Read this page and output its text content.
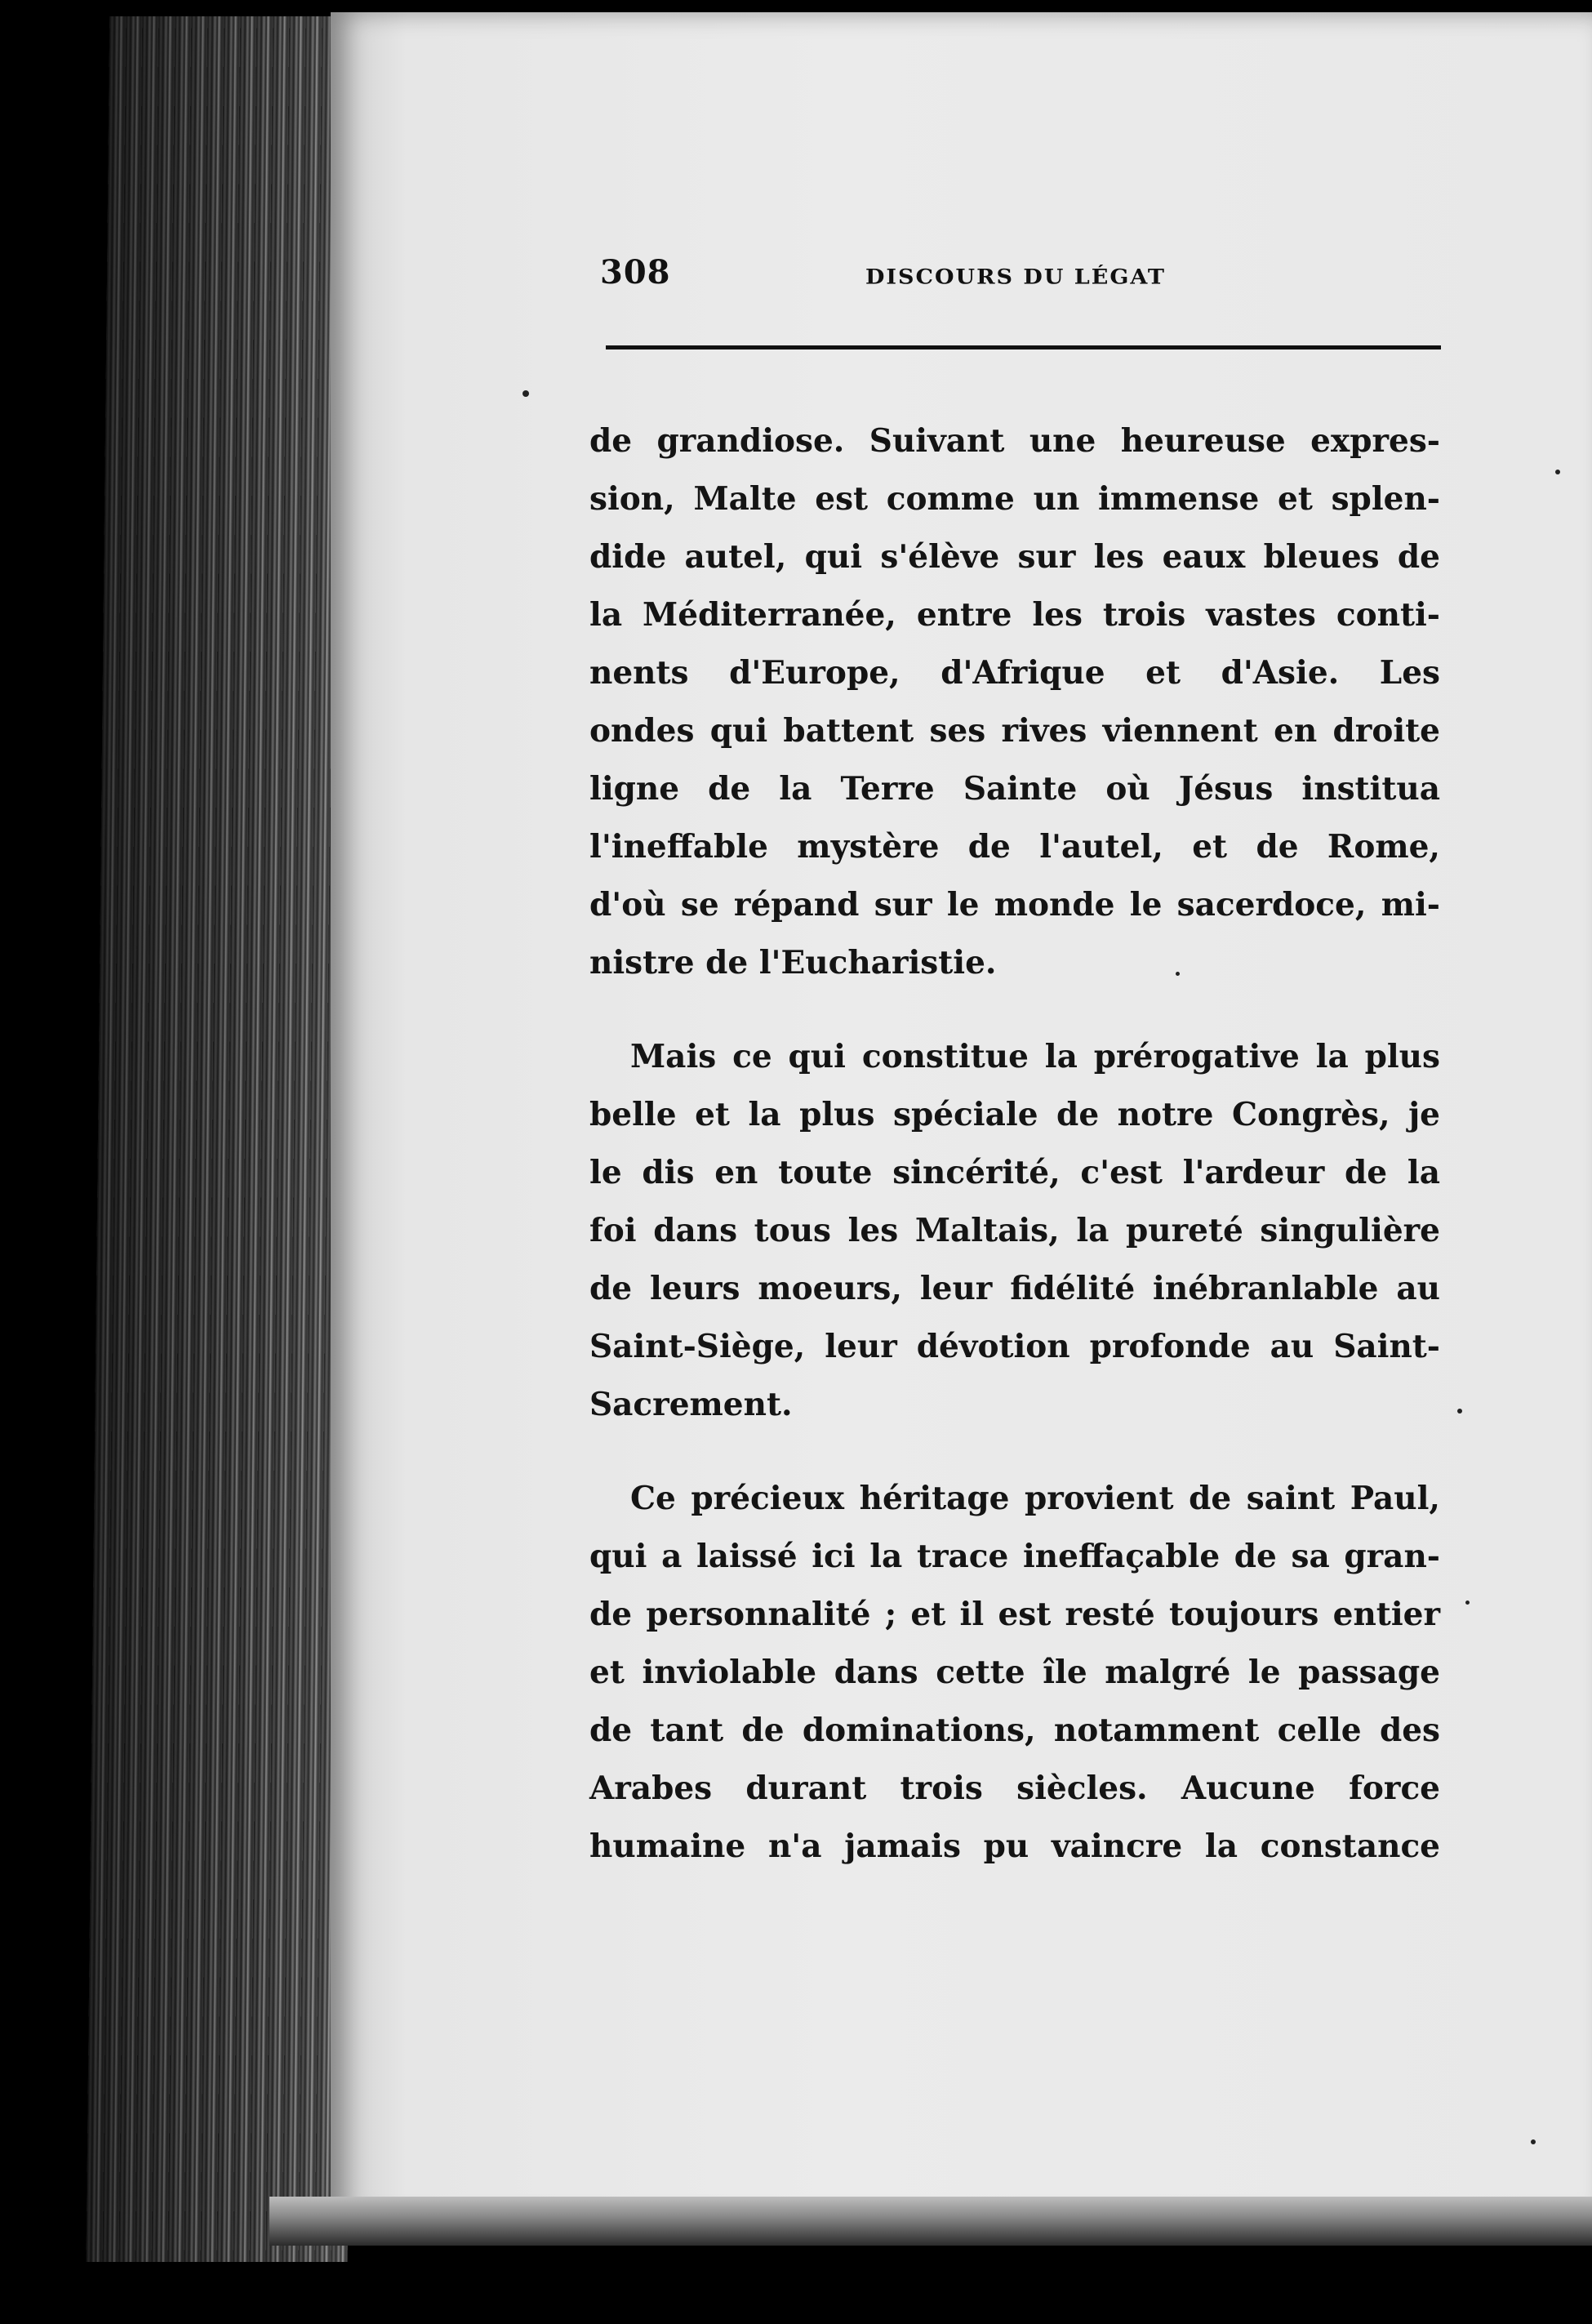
308	DISCOURS DU LÉGAT

de grandiose. Suivant une heureuse expres-
sion, Malte est comme un immense et splen-
dide autel, qui s'élève sur les eaux bleues de
la Méditerranée, entre les trois vastes conti-
nents d'Europe, d'Afrique et d'Asie. Les
ondes qui battent ses rives viennent en droite
ligne de la Terre Sainte où Jésus institua
l'ineffable mystère de l'autel, et de Rome,
d'où se répand sur le monde le sacerdoce, mi-
nistre de l'Eucharistie.

Mais ce qui constitue la prérogative la plus
belle et la plus spéciale de notre Congrès, je
le dis en toute sincérité, c'est l'ardeur de la
foi dans tous les Maltais, la pureté singulière
de leurs moeurs, leur fidélité inébranlable au
Saint-Siège, leur dévotion profonde au Saint-
Sacrement.

Ce précieux héritage provient de saint Paul,
qui a laissé ici la trace ineffaçable de sa gran-
de personnalité ; et il est resté toujours entier
et inviolable dans cette île malgré le passage
de tant de dominations, notamment celle des
Arabes durant trois siècles. Aucune force
humaine n'a jamais pu vaincre la constance
